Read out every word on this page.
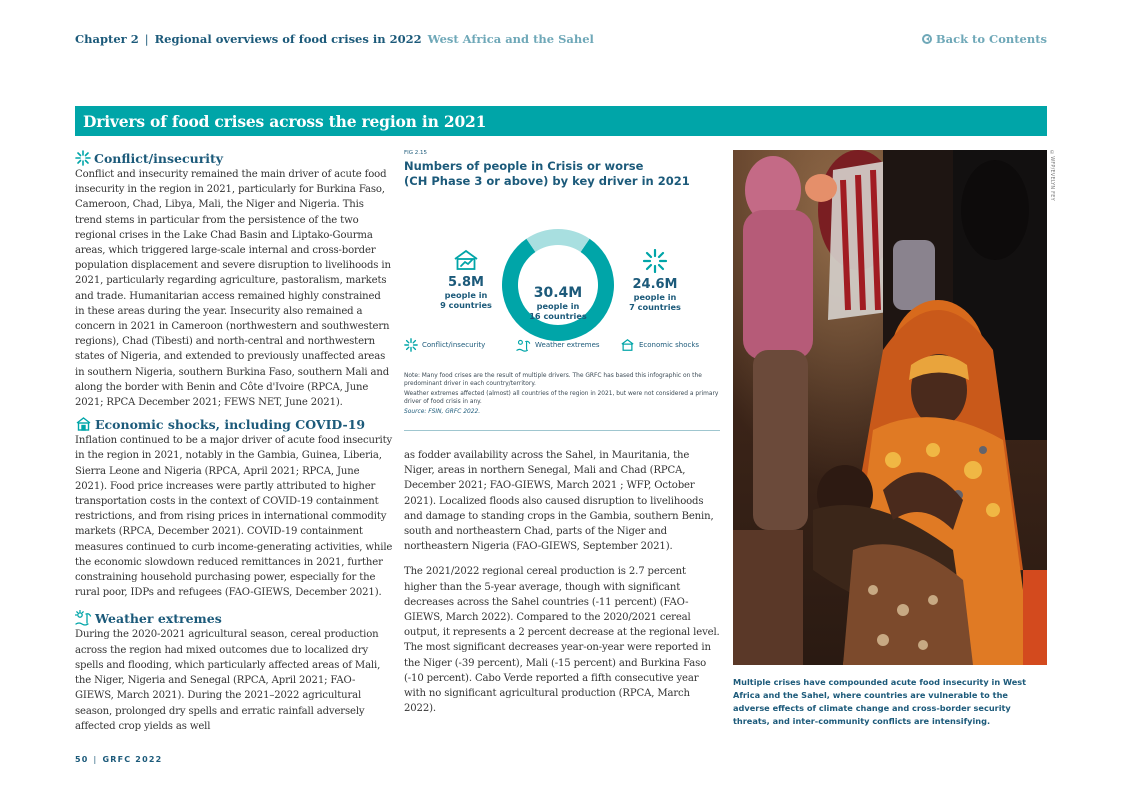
Chapter 2 | Regional overviews of food crises in 2022 West Africa and the Sahel	Back to Contents
Drivers of food crises across the region in 2021
Conflict/insecurity

Conflict and insecurity remained the main driver of acute food insecurity in the region in 2021, particularly for Burkina Faso, Cameroon, Chad, Libya, Mali, the Niger and Nigeria. This trend stems in particular from the persistence of the two regional crises in the Lake Chad Basin and Liptako-Gourma areas, which triggered large-scale internal and cross-border population displacement and severe disruption to livelihoods in 2021, particularly regarding agriculture, pastoralism, markets and trade. Humanitarian access remained highly constrained in these areas during the year. Insecurity also remained a concern in 2021 in Cameroon (northwestern and southwestern regions), Chad (Tibesti) and north-central and northwestern states of Nigeria, and extended to previously unaffected areas in southern Nigeria, southern Burkina Faso, southern Mali and along the border with Benin and Côte d'Ivoire (RPCA, June 2021; RPCA December 2021; FEWS NET, June 2021).

Economic shocks, including COVID-19

Inflation continued to be a major driver of acute food insecurity in the region in 2021, notably in the Gambia, Guinea, Liberia, Sierra Leone and Nigeria (RPCA, April 2021; RPCA, June 2021). Food price increases were partly attributed to higher transportation costs in the context of COVID-19 containment restrictions, and from rising prices in international commodity markets (RPCA, December 2021). COVID-19 containment measures continued to curb income-generating activities, while the economic slowdown reduced remittances in 2021, further constraining household purchasing power, especially for the rural poor, IDPs and refugees (FAO-GIEWS, December 2021).

Weather extremes

During the 2020-2021 agricultural season, cereal production across the region had mixed outcomes due to localized dry spells and flooding, which particularly affected areas of Mali, the Niger, Nigeria and Senegal (RPCA, April 2021; FAO-GIEWS, March 2021). During the 2021–2022 agricultural season, prolonged dry spells and erratic rainfall adversely affected crop yields as well

FIG 2.15
Numbers of people in Crisis or worse
(CH Phase 3 or above) by key driver in 2021
30.4M
people in
16 countries
5.8M
people in
9 countries
24.6M
people in
7 countries
Conflict/insecurity	Weather extremes	Economic shocks

Note: Many food crises are the result of multiple drivers. The GRFC has based this infographic on the predominant driver in each country/territory.

Weather extremes affected (almost) all countries of the region in 2021, but were not considered a primary driver of food crisis in any.

Source: FSIN, GRFC 2022.

as fodder availability across the Sahel, in Mauritania, the Niger, areas in northern Senegal, Mali and Chad (RPCA, December 2021; FAO-GIEWS, March 2021 ; WFP, October 2021). Localized floods also caused disruption to livelihoods and damage to standing crops in the Gambia, southern Benin, south and northeastern Chad, parts of the Niger and northeastern Nigeria (FAO-GIEWS, September 2021).

The 2021/2022 regional cereal production is 2.7 percent higher than the 5-year average, though with significant decreases across the Sahel countries (-11 percent) (FAO-GIEWS, March 2022). Compared to the 2020/2021 cereal output, it represents a 2 percent decrease at the regional level. The most significant decreases year-on-year were reported in the Niger (-39 percent), Mali (-15 percent) and Burkina Faso (-10 percent). Cabo Verde reported a fifth consecutive year with no significant agricultural production (RPCA, March 2022).

©WFP/EVELYN FEY

Multiple crises have compounded acute food insecurity in West Africa and the Sahel, where countries are vulnerable to the adverse effects of climate change and cross-border security threats, and inter-community conflicts are intensifying.

50 | GRFC 2022
